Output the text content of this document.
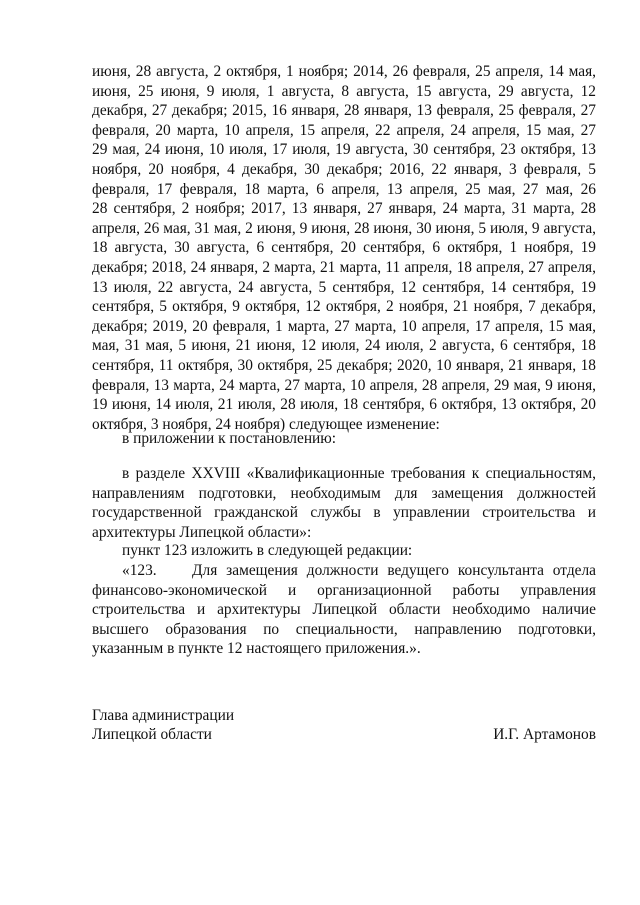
июня, 28 августа, 2 октября, 1 ноября; 2014, 26 февраля, 25 апреля, 14 мая,
июня, 25 июня, 9 июля, 1 августа, 8 августа, 15 августа, 29 августа, 12
декабря, 27 декабря; 2015, 16 января, 28 января, 13 февраля, 25 февраля, 27
февраля, 20 марта, 10 апреля, 15 апреля, 22 апреля, 24 апреля, 15 мая, 27
29 мая, 24 июня, 10 июля, 17 июля, 19 августа, 30 сентября, 23 октября, 13
ноября, 20 ноября, 4 декабря, 30 декабря; 2016, 22 января, 3 февраля, 5
февраля, 17 февраля, 18 марта, 6 апреля, 13 апреля, 25 мая, 27 мая, 26
28 сентября, 2 ноября; 2017, 13 января, 27 января, 24 марта, 31 марта, 28
апреля, 26 мая, 31 мая, 2 июня, 9 июня, 28 июня, 30 июня, 5 июля, 9 августа,
18 августа, 30 августа, 6 сентября, 20 сентября, 6 октября, 1 ноября, 19
декабря; 2018, 24 января, 2 марта, 21 марта, 11 апреля, 18 апреля, 27 апреля,
13 июля, 22 августа, 24 августа, 5 сентября, 12 сентября, 14 сентября, 19
сентября, 5 октября, 9 октября, 12 октября, 2 ноября, 21 ноября, 7 декабря,
декабря; 2019, 20 февраля, 1 марта, 27 марта, 10 апреля, 17 апреля, 15 мая,
мая, 31 мая, 5 июня, 21 июня, 12 июля, 24 июля, 2 августа, 6 сентября, 18
сентября, 11 октября, 30 октября, 25 декабря; 2020, 10 января, 21 января, 18
февраля, 13 марта, 24 марта, 27 марта, 10 апреля, 28 апреля, 29 мая, 9 июня,
19 июня, 14 июля, 21 июля, 28 июля, 18 сентября, 6 октября, 13 октября, 20
октября, 3 ноября, 24 ноября) следующее изменение:
в приложении к постановлению:
в разделе XXVIII «Квалификационные требования к специальностям,
направлениям подготовки, необходимым для замещения должностей
государственной гражданской службы в управлении строительства и
архитектуры Липецкой области»:
пункт 123 изложить в следующей редакции:
«123.    Для замещения должности ведущего консультанта отдела
финансово-экономической и организационной работы управления
строительства и архитектуры Липецкой области необходимо наличие
высшего образования по специальности, направлению подготовки,
указанным в пункте 12 настоящего приложения.».
Глава администрации
Липецкой области	И.Г. Артамонов
